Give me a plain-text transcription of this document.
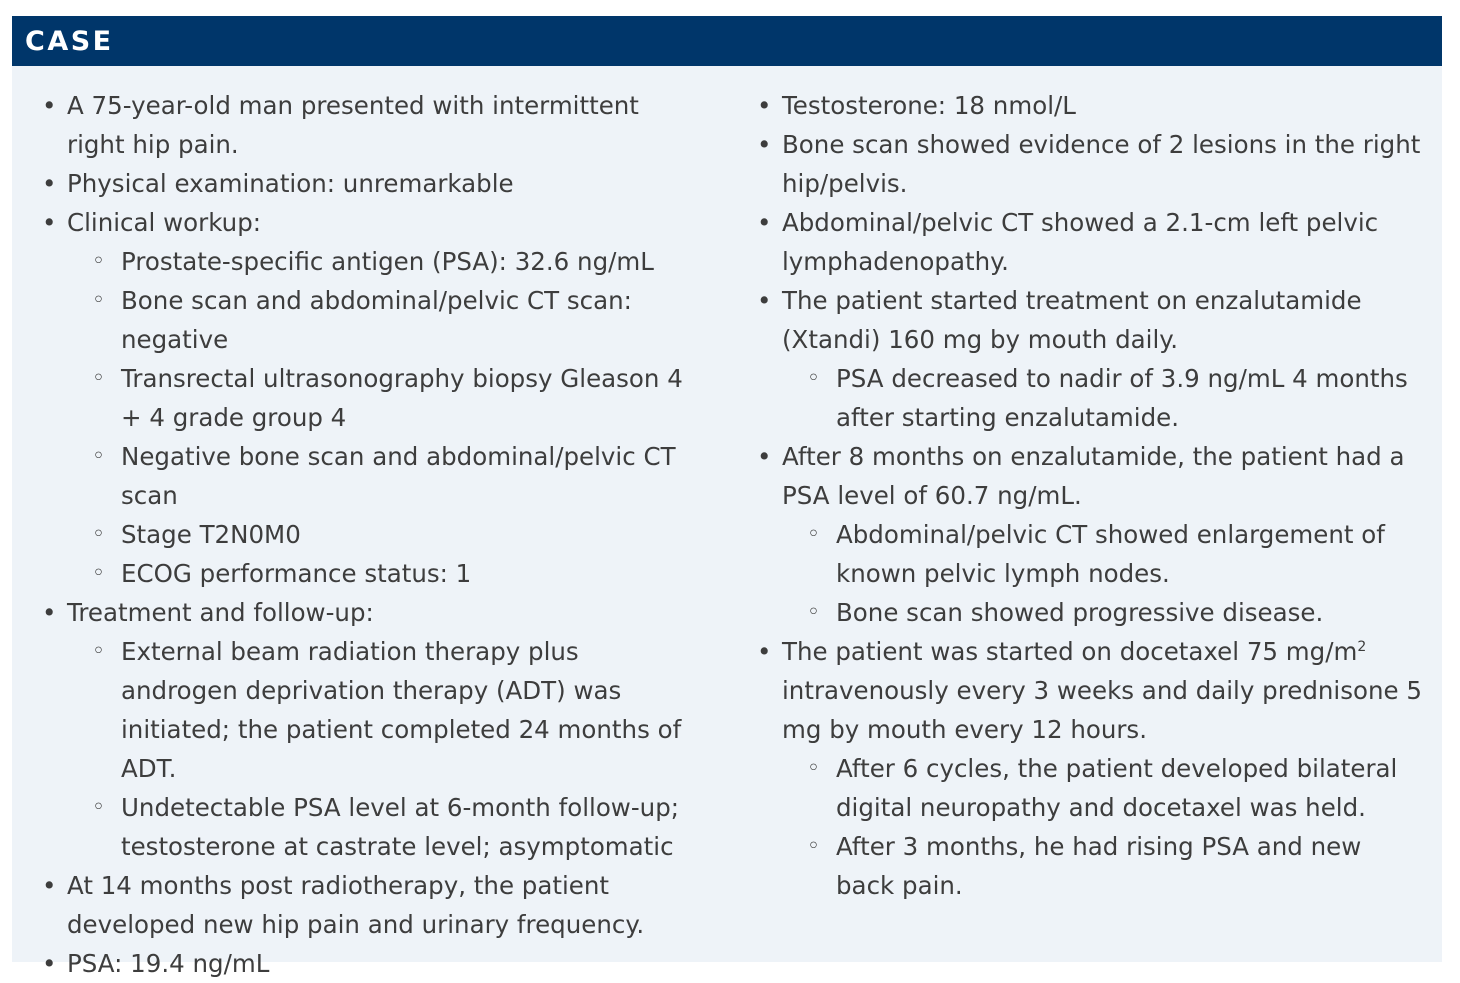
CASE
• A 75-year-old man presented with intermittent right hip pain.
• Physical examination: unremarkable
• Clinical workup:
◦ Prostate-specific antigen (PSA): 32.6 ng/mL
◦ Bone scan and abdominal/pelvic CT scan: negative
◦ Transrectal ultrasonography biopsy Gleason 4 + 4 grade group 4
◦ Negative bone scan and abdominal/pelvic CT scan
◦ Stage T2N0M0
◦ ECOG performance status: 1
• Treatment and follow-up:
◦ External beam radiation therapy plus androgen deprivation therapy (ADT) was initiated; the patient completed 24 months of ADT.
◦ Undetectable PSA level at 6-month follow-up; testosterone at castrate level; asymptomatic
• At 14 months post radiotherapy, the patient developed new hip pain and urinary frequency.
• PSA: 19.4 ng/mL
• Testosterone: 18 nmol/L
• Bone scan showed evidence of 2 lesions in the right hip/pelvis.
• Abdominal/pelvic CT showed a 2.1-cm left pelvic lymphadenopathy.
• The patient started treatment on enzalutamide (Xtandi) 160 mg by mouth daily.
◦ PSA decreased to nadir of 3.9 ng/mL 4 months after starting enzalutamide.
• After 8 months on enzalutamide, the patient had a PSA level of 60.7 ng/mL.
◦ Abdominal/pelvic CT showed enlargement of known pelvic lymph nodes.
◦ Bone scan showed progressive disease.
• The patient was started on docetaxel 75 $mg/m^2$ intravenously every 3 weeks and daily prednisone 5 mg by mouth every 12 hours.
◦ After 6 cycles, the patient developed bilateral digital neuropathy and docetaxel was held.
◦ After 3 months, he had rising PSA and new back pain.
